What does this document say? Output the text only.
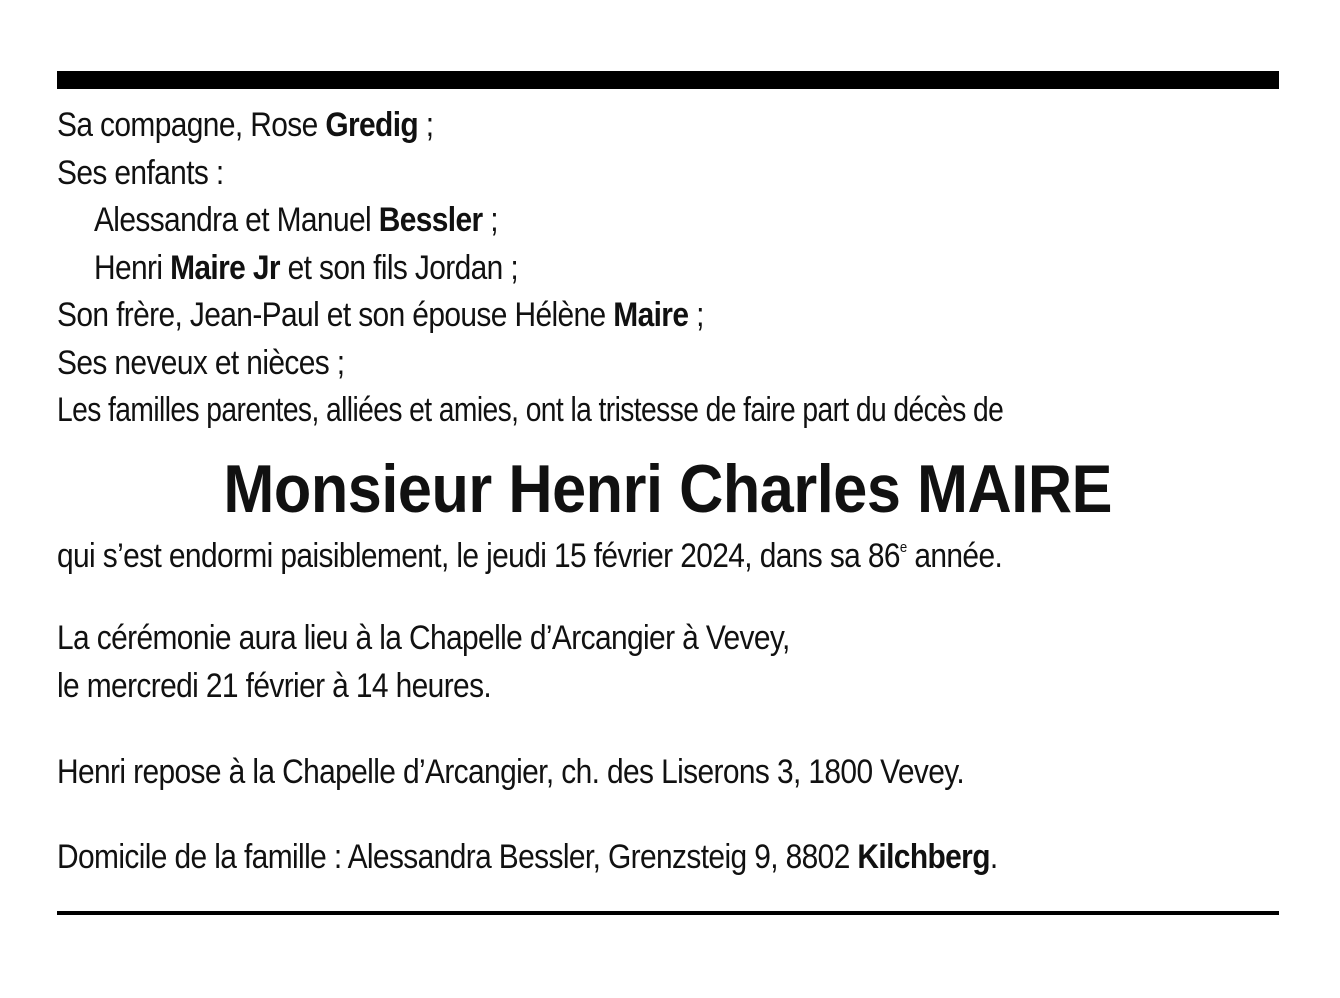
Sa compagne, Rose Gredig ;
Ses enfants :
Alessandra et Manuel Bessler ;
Henri Maire Jr et son fils Jordan ;
Son frère, Jean-Paul et son épouse Hélène Maire ;
Ses neveux et nièces ;
Les familles parentes, alliées et amies, ont la tristesse de faire part du décès de
Monsieur Henri Charles MAIRE
qui s’est endormi paisiblement, le jeudi 15 février 2024, dans sa 86e année.
La cérémonie aura lieu à la Chapelle d’Arcangier à Vevey,
le mercredi 21 février à 14 heures.
Henri repose à la Chapelle d’Arcangier, ch. des Liserons 3, 1800 Vevey.
Domicile de la famille : Alessandra Bessler, Grenzsteig 9, 8802 Kilchberg.
